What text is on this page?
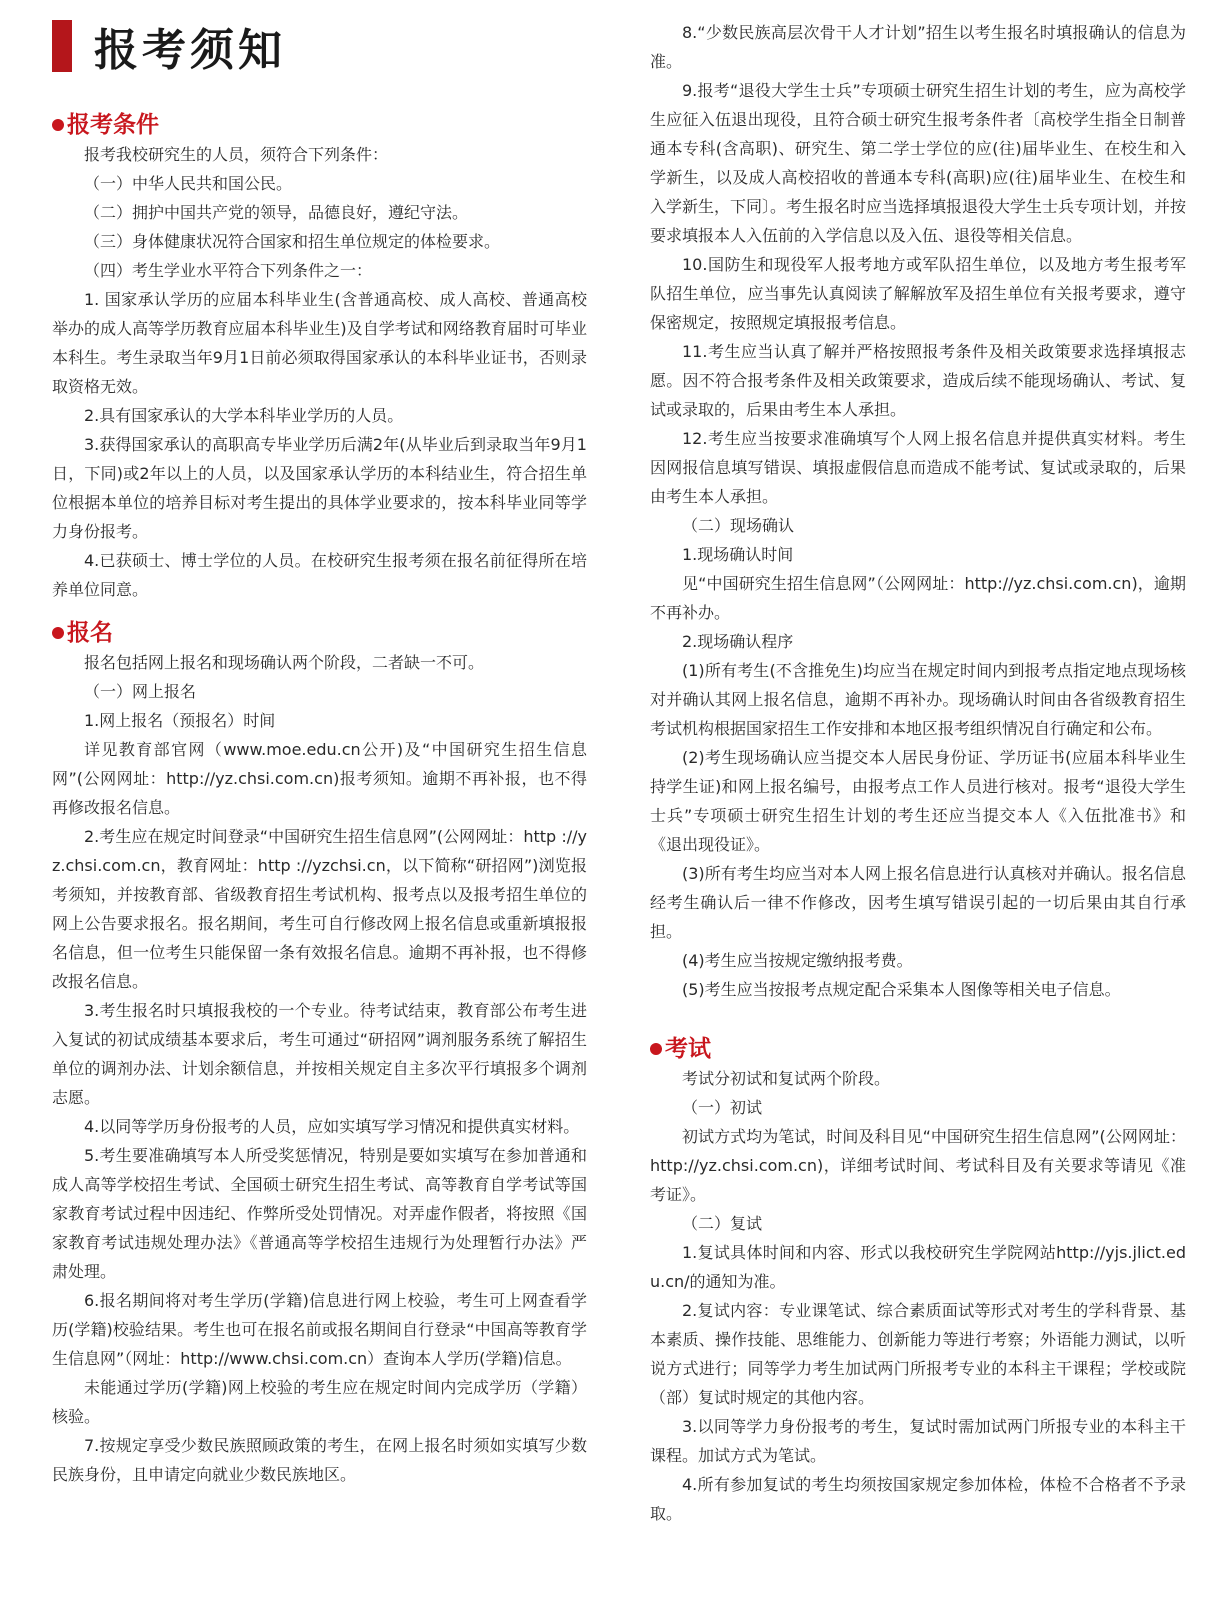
报考须知
报考条件

报考我校研究生的人员，须符合下列条件：

（一）中华人民共和国公民。

（二）拥护中国共产党的领导，品德良好，遵纪守法。

（三）身体健康状况符合国家和招生单位规定的体检要求。

（四）考生学业水平符合下列条件之一：

1. 国家承认学历的应届本科毕业生(含普通高校、成人高校、普通高校举办的成人高等学历教育应届本科毕业生)及自学考试和网络教育届时可毕业本科生。考生录取当年9月1日前必须取得国家承认的本科毕业证书，否则录取资格无效。

2.具有国家承认的大学本科毕业学历的人员。

3.获得国家承认的高职高专毕业学历后满2年(从毕业后到录取当年9月1日，下同)或2年以上的人员，以及国家承认学历的本科结业生，符合招生单位根据本单位的培养目标对考生提出的具体学业要求的，按本科毕业同等学力身份报考。

4.已获硕士、博士学位的人员。在校研究生报考须在报名前征得所在培养单位同意。

报名

报名包括网上报名和现场确认两个阶段，二者缺一不可。

（一）网上报名

1.网上报名（预报名）时间

详见教育部官网（www.moe.edu.cn公开)及“中国研究生招生信息网”(公网网址：http://yz.chsi.com.cn)报考须知。逾期不再补报，也不得再修改报名信息。

2.考生应在规定时间登录“中国研究生招生信息网”(公网网址：http ://yz.chsi.com.cn，教育网址：http ://yzchsi.cn，以下简称“研招网”)浏览报考须知，并按教育部、省级教育招生考试机构、报考点以及报考招生单位的网上公告要求报名。报名期间，考生可自行修改网上报名信息或重新填报报名信息，但一位考生只能保留一条有效报名信息。逾期不再补报，也不得修改报名信息。

3.考生报名时只填报我校的一个专业。待考试结束，教育部公布考生进入复试的初试成绩基本要求后，考生可通过“研招网”调剂服务系统了解招生单位的调剂办法、计划余额信息，并按相关规定自主多次平行填报多个调剂志愿。

4.以同等学历身份报考的人员，应如实填写学习情况和提供真实材料。

5.考生要准确填写本人所受奖惩情况，特别是要如实填写在参加普通和成人高等学校招生考试、全国硕士研究生招生考试、高等教育自学考试等国家教育考试过程中因违纪、作弊所受处罚情况。对弄虚作假者，将按照《国家教育考试违规处理办法》《普通高等学校招生违规行为处理暂行办法》严肃处理。

6.报名期间将对考生学历(学籍)信息进行网上校验，考生可上网查看学历(学籍)校验结果。考生也可在报名前或报名期间自行登录“中国高等教育学生信息网”（网址：http://www.chsi.com.cn）查询本人学历(学籍)信息。

未能通过学历(学籍)网上校验的考生应在规定时间内完成学历（学籍）核验。

7.按规定享受少数民族照顾政策的考生，在网上报名时须如实填写少数民族身份，且申请定向就业少数民族地区。

8.“少数民族高层次骨干人才计划”招生以考生报名时填报确认的信息为准。

9.报考“退役大学生士兵”专项硕士研究生招生计划的考生，应为高校学生应征入伍退出现役，且符合硕士研究生报考条件者〔高校学生指全日制普通本专科(含高职)、研究生、第二学士学位的应(往)届毕业生、在校生和入学新生，以及成人高校招收的普通本专科(高职)应(往)届毕业生、在校生和入学新生，下同〕。考生报名时应当选择填报退役大学生士兵专项计划，并按要求填报本人入伍前的入学信息以及入伍、退役等相关信息。

10.国防生和现役军人报考地方或军队招生单位，以及地方考生报考军队招生单位，应当事先认真阅读了解解放军及招生单位有关报考要求，遵守保密规定，按照规定填报报考信息。

11.考生应当认真了解并严格按照报考条件及相关政策要求选择填报志愿。因不符合报考条件及相关政策要求，造成后续不能现场确认、考试、复试或录取的，后果由考生本人承担。

12.考生应当按要求准确填写个人网上报名信息并提供真实材料。考生因网报信息填写错误、填报虚假信息而造成不能考试、复试或录取的，后果由考生本人承担。

（二）现场确认

1.现场确认时间

见“中国研究生招生信息网”（公网网址：http://yz.chsi.com.cn)，逾期不再补办。

2.现场确认程序

(1)所有考生(不含推免生)均应当在规定时间内到报考点指定地点现场核对并确认其网上报名信息，逾期不再补办。现场确认时间由各省级教育招生考试机构根据国家招生工作安排和本地区报考组织情况自行确定和公布。

(2)考生现场确认应当提交本人居民身份证、学历证书(应届本科毕业生持学生证)和网上报名编号，由报考点工作人员进行核对。报考“退役大学生士兵”专项硕士研究生招生计划的考生还应当提交本人《入伍批准书》和《退出现役证》。

(3)所有考生均应当对本人网上报名信息进行认真核对并确认。报名信息经考生确认后一律不作修改，因考生填写错误引起的一切后果由其自行承担。

(4)考生应当按规定缴纳报考费。

(5)考生应当按报考点规定配合采集本人图像等相关电子信息。

考试

考试分初试和复试两个阶段。

（一）初试

初试方式均为笔试，时间及科目见“中国研究生招生信息网”(公网网址：http://yz.chsi.com.cn)，详细考试时间、考试科目及有关要求等请见《准考证》。

（二）复试

1.复试具体时间和内容、形式以我校研究生学院网站http://yjs.jlict.edu.cn/的通知为准。

2.复试内容：专业课笔试、综合素质面试等形式对考生的学科背景、基本素质、操作技能、思维能力、创新能力等进行考察；外语能力测试，以听说方式进行；同等学力考生加试两门所报考专业的本科主干课程；学校或院（部）复试时规定的其他内容。

3.以同等学力身份报考的考生，复试时需加试两门所报专业的本科主干课程。加试方式为笔试。

4.所有参加复试的考生均须按国家规定参加体检，体检不合格者不予录取。
